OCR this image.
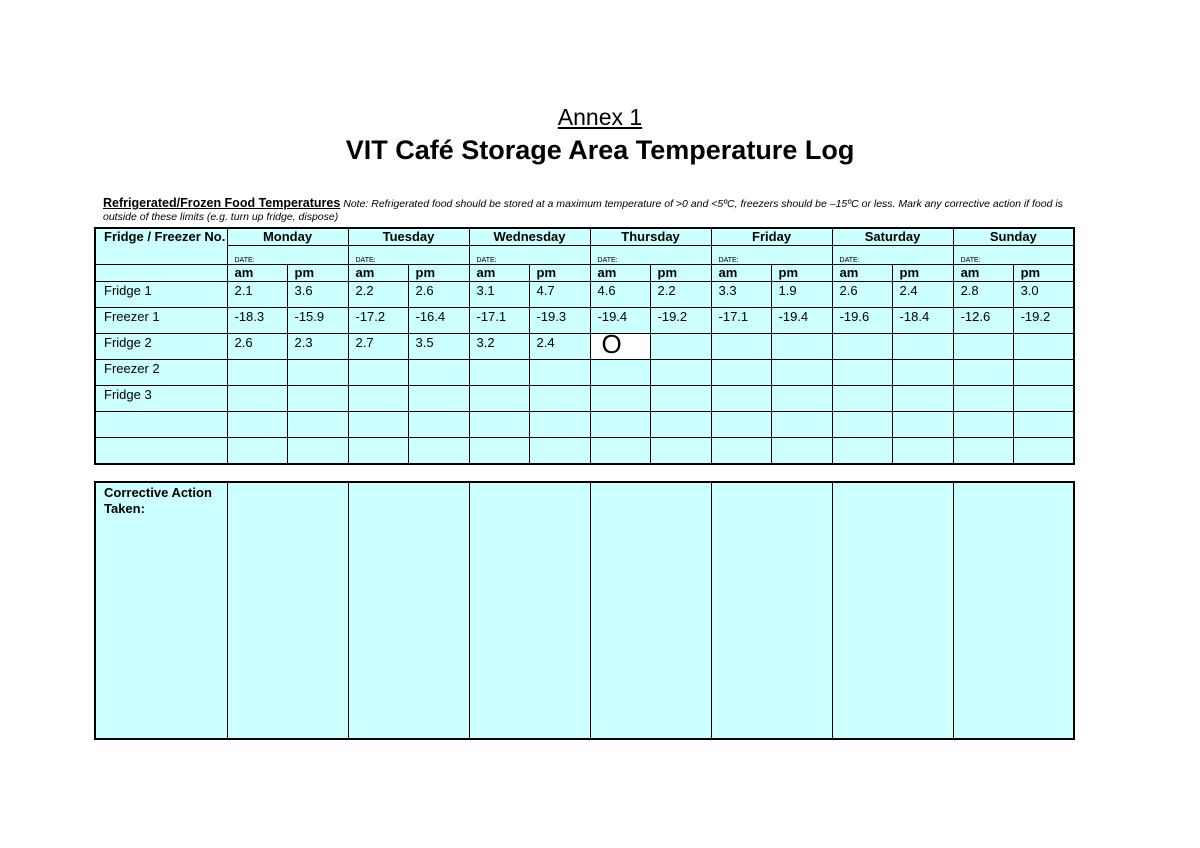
Annex 1
VIT Café Storage Area Temperature Log
Refrigerated/Frozen Food Temperatures Note: Refrigerated food should be stored at a maximum temperature of >0 and <5ºC, freezers should be –15ºC or less. Mark any corrective action if food is outside of these limits (e.g. turn up fridge, dispose)
Fridge / Freezer No.	Monday		Tuesday		Wednesday		Thursday		Friday		Saturday		Sunday	
	DATE:		DATE:		DATE:		DATE:		DATE:		DATE:		DATE:	
	am	pm	am	pm	am	pm	am	pm	am	pm	am	pm	am	pm
Fridge 1	2.1	3.6	2.2	2.6	3.1	4.7	4.6	2.2	3.3	1.9	2.6	2.4	2.8	3.0
Freezer 1	-18.3	-15.9	-17.2	-16.4	-17.1	-19.3	-19.4	-19.2	-17.1	-19.4	-19.6	-18.4	-12.6	-19.2
Fridge 2	2.6	2.3	2.7	3.5	3.2	2.4	O							
Freezer 2														
Fridge 3														

Corrective Action Taken:							
